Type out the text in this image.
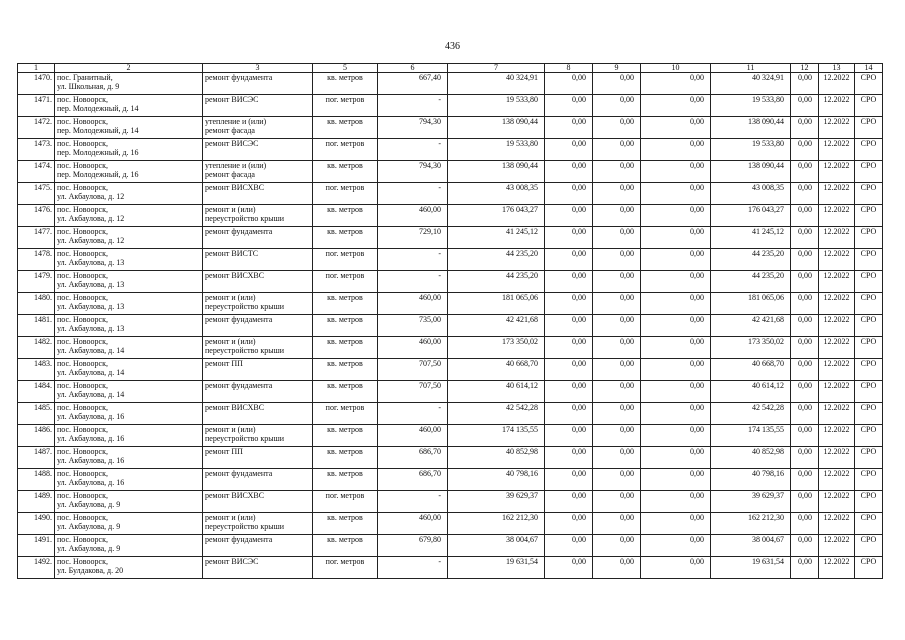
436
1	2	3	5	6	7	8	9	10	11	12	13	14
1470.	пос. Гранитный,
ул. Школьная, д. 9	ремонт фундамента	кв. метров	667,40	40 324,91	0,00	0,00	0,00	40 324,91	0,00	12.2022	СРО
1471.	пос. Новоорск,
пер. Молодежный, д. 14	ремонт ВИСЭС	пог. метров	-	19 533,80	0,00	0,00	0,00	19 533,80	0,00	12.2022	СРО
1472.	пос. Новоорск,
пер. Молодежный, д. 14	утепление и (или)
ремонт фасада	кв. метров	794,30	138 090,44	0,00	0,00	0,00	138 090,44	0,00	12.2022	СРО
1473.	пос. Новоорск,
пер. Молодежный, д. 16	ремонт ВИСЭС	пог. метров	-	19 533,80	0,00	0,00	0,00	19 533,80	0,00	12.2022	СРО
1474.	пос. Новоорск,
пер. Молодежный, д. 16	утепление и (или)
ремонт фасада	кв. метров	794,30	138 090,44	0,00	0,00	0,00	138 090,44	0,00	12.2022	СРО
1475.	пос. Новоорск,
ул. Акбаулова, д. 12	ремонт ВИСХВС	пог. метров	-	43 008,35	0,00	0,00	0,00	43 008,35	0,00	12.2022	СРО
1476.	пос. Новоорск,
ул. Акбаулова, д. 12	ремонт и (или)
переустройство крыши	кв. метров	460,00	176 043,27	0,00	0,00	0,00	176 043,27	0,00	12.2022	СРО
1477.	пос. Новоорск,
ул. Акбаулова, д. 12	ремонт фундамента	кв. метров	729,10	41 245,12	0,00	0,00	0,00	41 245,12	0,00	12.2022	СРО
1478.	пос. Новоорск,
ул. Акбаулова, д. 13	ремонт ВИСТС	пог. метров	-	44 235,20	0,00	0,00	0,00	44 235,20	0,00	12.2022	СРО
1479.	пос. Новоорск,
ул. Акбаулова, д. 13	ремонт ВИСХВС	пог. метров	-	44 235,20	0,00	0,00	0,00	44 235,20	0,00	12.2022	СРО
1480.	пос. Новоорск,
ул. Акбаулова, д. 13	ремонт и (или)
переустройство крыши	кв. метров	460,00	181 065,06	0,00	0,00	0,00	181 065,06	0,00	12.2022	СРО
1481.	пос. Новоорск,
ул. Акбаулова, д. 13	ремонт фундамента	кв. метров	735,00	42 421,68	0,00	0,00	0,00	42 421,68	0,00	12.2022	СРО
1482.	пос. Новоорск,
ул. Акбаулова, д. 14	ремонт и (или)
переустройство крыши	кв. метров	460,00	173 350,02	0,00	0,00	0,00	173 350,02	0,00	12.2022	СРО
1483.	пос. Новоорск,
ул. Акбаулова, д. 14	ремонт ПП	кв. метров	707,50	40 668,70	0,00	0,00	0,00	40 668,70	0,00	12.2022	СРО
1484.	пос. Новоорск,
ул. Акбаулова, д. 14	ремонт фундамента	кв. метров	707,50	40 614,12	0,00	0,00	0,00	40 614,12	0,00	12.2022	СРО
1485.	пос. Новоорск,
ул. Акбаулова, д. 16	ремонт ВИСХВС	пог. метров	-	42 542,28	0,00	0,00	0,00	42 542,28	0,00	12.2022	СРО
1486.	пос. Новоорск,
ул. Акбаулова, д. 16	ремонт и (или)
переустройство крыши	кв. метров	460,00	174 135,55	0,00	0,00	0,00	174 135,55	0,00	12.2022	СРО
1487.	пос. Новоорск,
ул. Акбаулова, д. 16	ремонт ПП	кв. метров	686,70	40 852,98	0,00	0,00	0,00	40 852,98	0,00	12.2022	СРО
1488.	пос. Новоорск,
ул. Акбаулова, д. 16	ремонт фундамента	кв. метров	686,70	40 798,16	0,00	0,00	0,00	40 798,16	0,00	12.2022	СРО
1489.	пос. Новоорск,
ул. Акбаулова, д. 9	ремонт ВИСХВС	пог. метров	-	39 629,37	0,00	0,00	0,00	39 629,37	0,00	12.2022	СРО
1490.	пос. Новоорск,
ул. Акбаулова, д. 9	ремонт и (или)
переустройство крыши	кв. метров	460,00	162 212,30	0,00	0,00	0,00	162 212,30	0,00	12.2022	СРО
1491.	пос. Новоорск,
ул. Акбаулова, д. 9	ремонт фундамента	кв. метров	679,80	38 004,67	0,00	0,00	0,00	38 004,67	0,00	12.2022	СРО
1492.	пос. Новоорск,
ул. Булдакова, д. 20	ремонт ВИСЭС	пог. метров	-	19 631,54	0,00	0,00	0,00	19 631,54	0,00	12.2022	СРО
